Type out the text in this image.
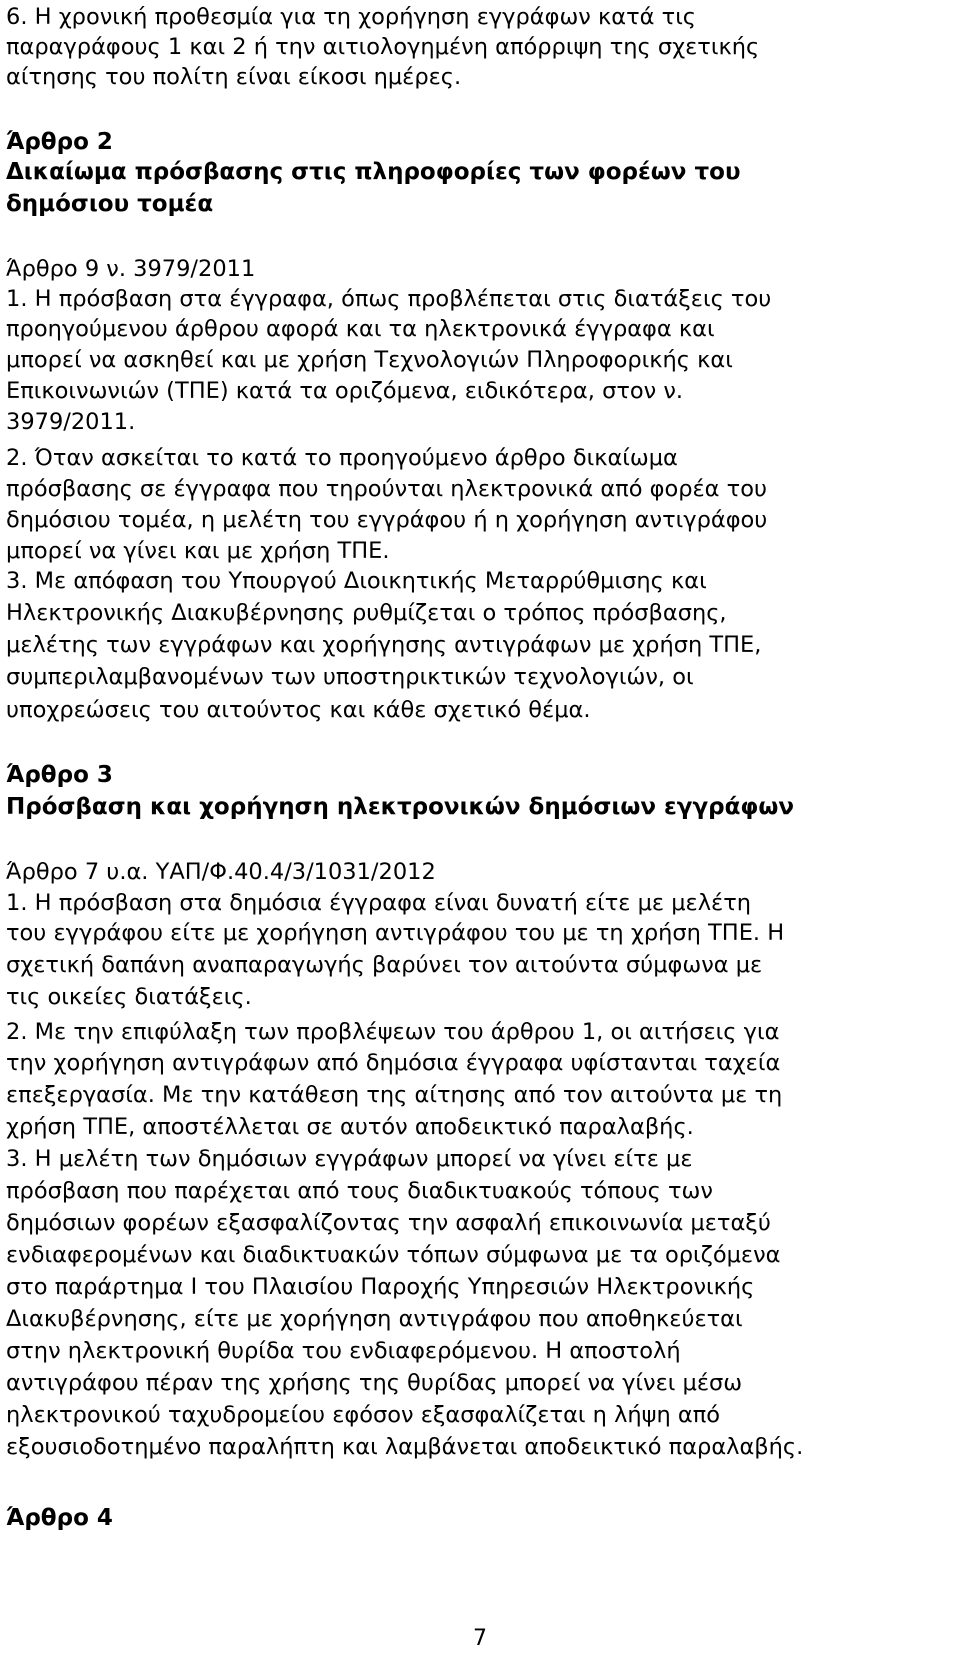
6. Η χρονική προθεσμία για τη χορήγηση εγγράφων κατά τις
παραγράφους 1 και 2 ή την αιτιολογημένη απόρριψη της σχετικής
αίτησης του πολίτη είναι είκοσι ημέρες.
Άρθρο 2
Δικαίωμα πρόσβασης στις πληροφορίες των φορέων του
δημόσιου τομέα
Άρθρο 9 ν. 3979/2011
1. Η πρόσβαση στα έγγραφα, όπως προβλέπεται στις διατάξεις του
προηγούμενου άρθρου αφορά και τα ηλεκτρονικά έγγραφα και
μπορεί να ασκηθεί και με χρήση Τεχνολογιών Πληροφορικής και
Επικοινωνιών (ΤΠΕ) κατά τα οριζόμενα, ειδικότερα, στον ν.
3979/2011.
2. Όταν ασκείται το κατά το προηγούμενο άρθρο δικαίωμα
πρόσβασης σε έγγραφα που τηρούνται ηλεκτρονικά από φορέα του
δημόσιου τομέα, η μελέτη του εγγράφου ή η χορήγηση αντιγράφου
μπορεί να γίνει και με χρήση ΤΠΕ.
3. Με απόφαση του Υπουργού Διοικητικής Μεταρρύθμισης και
Ηλεκτρονικής Διακυβέρνησης ρυθμίζεται ο τρόπος πρόσβασης,
μελέτης των εγγράφων και χορήγησης αντιγράφων με χρήση ΤΠΕ,
συμπεριλαμβανομένων των υποστηρικτικών τεχνολογιών, οι
υποχρεώσεις του αιτούντος και κάθε σχετικό θέμα.
Άρθρο 3
Πρόσβαση και χορήγηση ηλεκτρονικών δημόσιων εγγράφων
Άρθρο 7 υ.α. ΥΑΠ/Φ.40.4/3/1031/2012
1. Η πρόσβαση στα δημόσια έγγραφα είναι δυνατή είτε με μελέτη
του εγγράφου είτε με χορήγηση αντιγράφου του με τη χρήση ΤΠΕ. Η
σχετική δαπάνη αναπαραγωγής βαρύνει τον αιτούντα σύμφωνα με
τις οικείες διατάξεις.
2. Με την επιφύλαξη των προβλέψεων του άρθρου 1, οι αιτήσεις για
την χορήγηση αντιγράφων από δημόσια έγγραφα υφίστανται ταχεία
επεξεργασία. Με την κατάθεση της αίτησης από τον αιτούντα με τη
χρήση ΤΠΕ, αποστέλλεται σε αυτόν αποδεικτικό παραλαβής.
3. Η μελέτη των δημόσιων εγγράφων μπορεί να γίνει είτε με
πρόσβαση που παρέχεται από τους διαδικτυακούς τόπους των
δημόσιων φορέων εξασφαλίζοντας την ασφαλή επικοινωνία μεταξύ
ενδιαφερομένων και διαδικτυακών τόπων σύμφωνα με τα οριζόμενα
στο παράρτημα Ι του Πλαισίου Παροχής Υπηρεσιών Ηλεκτρονικής
Διακυβέρνησης, είτε με χορήγηση αντιγράφου που αποθηκεύεται
στην ηλεκτρονική θυρίδα του ενδιαφερόμενου. Η αποστολή
αντιγράφου πέραν της χρήσης της θυρίδας μπορεί να γίνει μέσω
ηλεκτρονικού ταχυδρομείου εφόσον εξασφαλίζεται η λήψη από
εξουσιοδοτημένο παραλήπτη και λαμβάνεται αποδεικτικό παραλαβής.
Άρθρο 4
7
